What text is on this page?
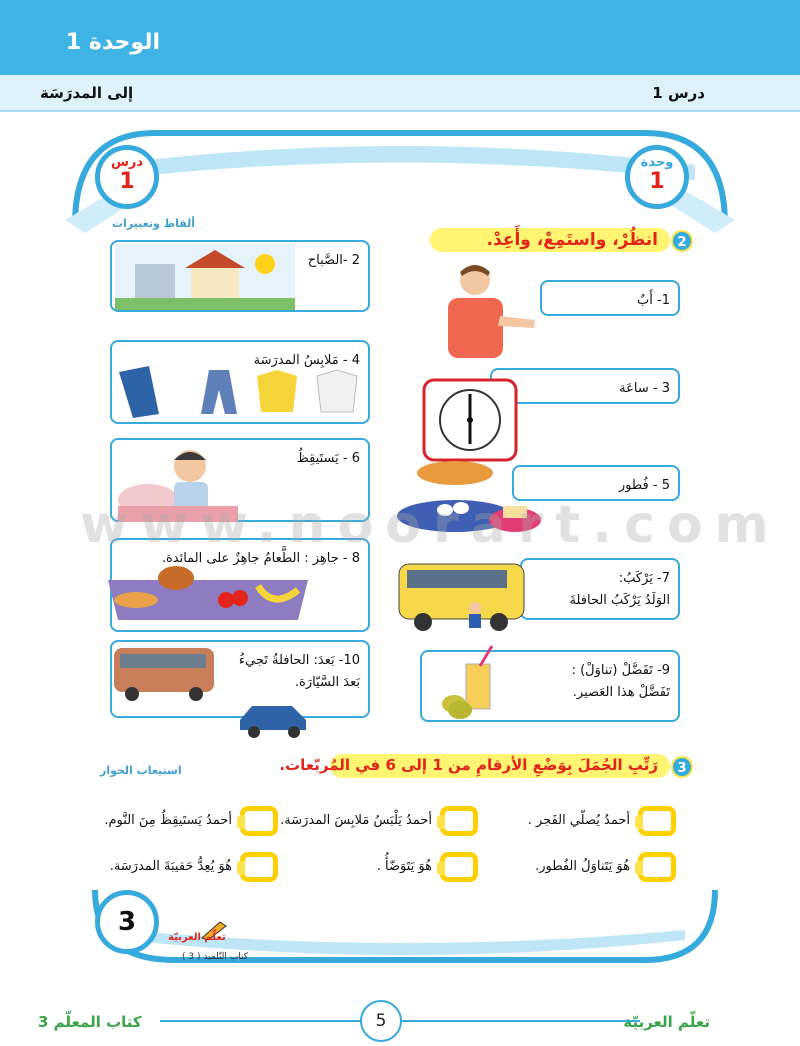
الوحدة 1
درس 1
إلى المدرَسَة
وحدة
1
درس
1
ألفاظ وتعبيرات
انظُرْ، واستَمِعْ، وأَعِدْ.	2
1- أَبٌ
3 - ساعَة
5 - فُطور
7- يَرْكَبُ:
الوَلَدُ يَرْكَبُ الحافلةَ
9- تَفَضَّلْ (تناوَلْ) :
تَفَضَّلْ هذا العَصير.
2 -الصَّباح
4 - مَلابِسُ المدرَسَة
6 - يَستَيقِظُ
8 - جاهِز : الطَّعامُ جاهِزٌ على المائدة.
10- بَعدَ: الحافلةُ تَجيءُ
بَعدَ السَّيّارَة.
www.noorart.com
استيعاب الحوار	رَتِّبِ الجُمَلَ بِوَضْعِ الأرقامِ من 1 إلى 6 في المُربّعات.	3
أحمدُ يُصلّي الفَجر .
أحمدُ يَلْبَسُ مَلابِسَ المدرَسَة.
أحمدُ يَستَيقِظُ مِنَ النَّوم.
هُوَ يَتَناوَلُ الفُطور.
هُوَ يَتَوَضّأُ .
هُوَ يُعِدُّ حَقيبَةَ المدرَسَة.
3
تعلّم العربيّة
كتاب التّلميذ ( 3 )
5	تعلّم العربيّة
كتاب المعلّم 3
